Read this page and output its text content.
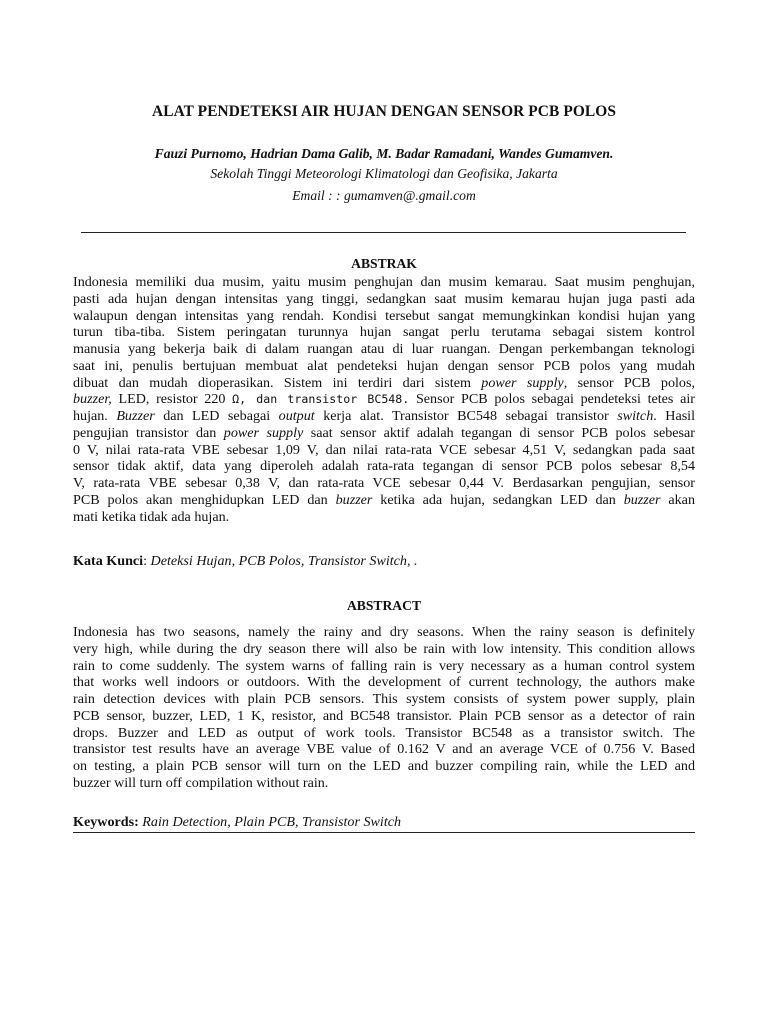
ALAT PENDETEKSI AIR HUJAN DENGAN SENSOR PCB POLOS
Fauzi Purnomo, Hadrian Dama Galib, M. Badar Ramadani, Wandes Gumamven.
Sekolah Tinggi Meteorologi Klimatologi dan Geofisika, Jakarta
Email : : gumamven@.gmail.com
ABSTRAK
Indonesia memiliki dua musim, yaitu musim penghujan dan musim kemarau. Saat musim penghujan,
pasti ada hujan dengan intensitas yang tinggi, sedangkan saat musim kemarau hujan juga pasti ada
walaupun dengan intensitas yang rendah. Kondisi tersebut sangat memungkinkan kondisi hujan yang
turun tiba-tiba. Sistem peringatan turunnya hujan sangat perlu terutama sebagai sistem kontrol
manusia yang bekerja baik di dalam ruangan atau di luar ruangan. Dengan perkembangan teknologi
saat ini, penulis bertujuan membuat alat pendeteksi hujan dengan sensor PCB polos yang mudah
dibuat dan mudah dioperasikan. Sistem ini terdiri dari sistem power supply, sensor PCB polos,
buzzer, LED, resistor 220 Ω, dan transistor BC548. Sensor PCB polos sebagai pendeteksi tetes air
hujan. Buzzer dan LED sebagai output kerja alat. Transistor BC548 sebagai transistor switch. Hasil
pengujian transistor dan power supply saat sensor aktif adalah tegangan di sensor PCB polos sebesar
0 V, nilai rata-rata VBE sebesar 1,09 V, dan nilai rata-rata VCE sebesar 4,51 V, sedangkan pada saat
sensor tidak aktif, data yang diperoleh adalah rata-rata tegangan di sensor PCB polos sebesar 8,54
V, rata-rata VBE sebesar 0,38 V, dan rata-rata VCE sebesar 0,44 V. Berdasarkan pengujian, sensor
PCB polos akan menghidupkan LED dan buzzer ketika ada hujan, sedangkan LED dan buzzer akan
mati ketika tidak ada hujan.
Kata Kunci: Deteksi Hujan, PCB Polos, Transistor Switch, .
ABSTRACT
Indonesia has two seasons, namely the rainy and dry seasons. When the rainy season is definitely
very high, while during the dry season there will also be rain with low intensity. This condition allows
rain to come suddenly. The system warns of falling rain is very necessary as a human control system
that works well indoors or outdoors. With the development of current technology, the authors make
rain detection devices with plain PCB sensors. This system consists of system power supply, plain
PCB sensor, buzzer, LED, 1 K, resistor, and BC548 transistor. Plain PCB sensor as a detector of rain
drops. Buzzer and LED as output of work tools. Transistor BC548 as a transistor switch. The
transistor test results have an average VBE value of 0.162 V and an average VCE of 0.756 V. Based
on testing, a plain PCB sensor will turn on the LED and buzzer compiling rain, while the LED and
buzzer will turn off compilation without rain.
Keywords: Rain Detection, Plain PCB, Transistor Switch
